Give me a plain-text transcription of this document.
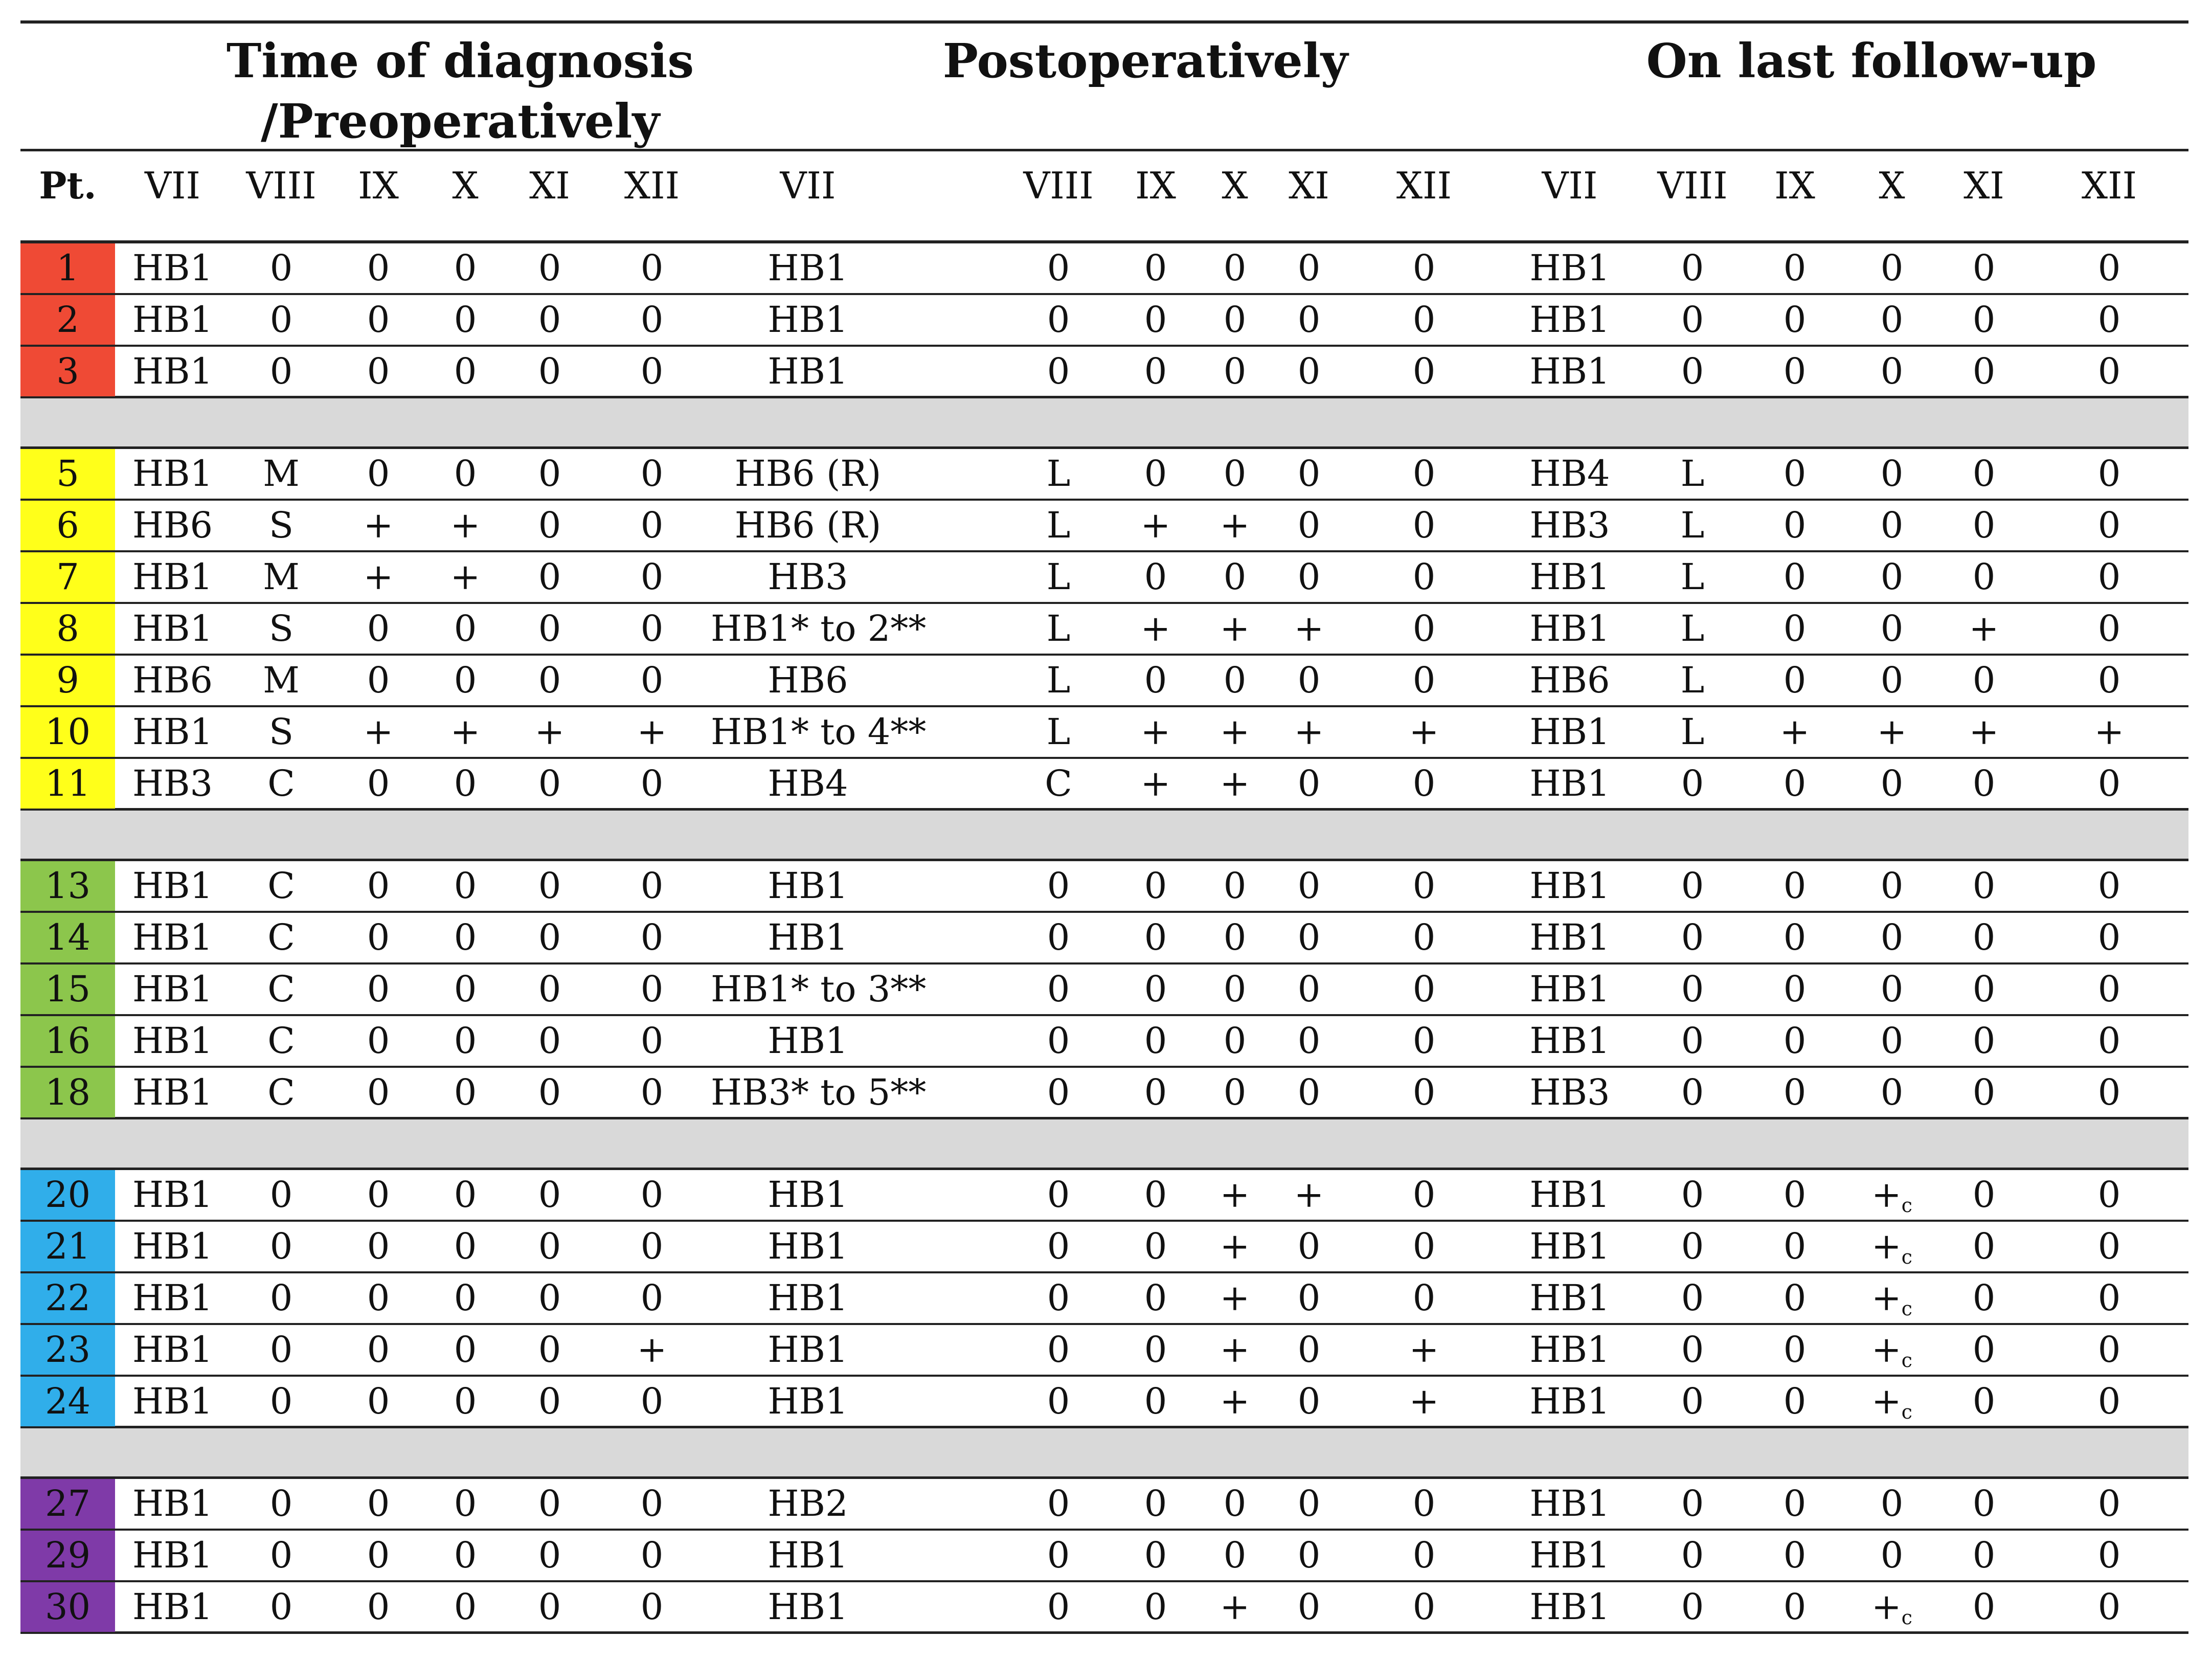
Time of diagnosis
/Preoperatively
Postoperatively	On last follow-up
Pt.	VII	VIII	IX	X	XI	XII	VII	VIII	IX	X	XI	XII	VII	VIII	IX	X	XI	XII
1	HB1	0	0	0	0	0	HB1	0	0	0	0	0	HB1	0	0	0	0	0
2	HB1	0	0	0	0	0	HB1	0	0	0	0	0	HB1	0	0	0	0	0
3	HB1	0	0	0	0	0	HB1	0	0	0	0	0	HB1	0	0	0	0	0
5	HB1	M	0	0	0	0	HB6 (R)	L	0	0	0	0	HB4	L	0	0	0	0
6	HB6	S	+	+	0	0	HB6 (R)	L	+	+	0	0	HB3	L	0	0	0	0
7	HB1	M	+	+	0	0	HB3	L	0	0	0	0	HB1	L	0	0	0	0
8	HB1	S	0	0	0	0	HB1* to 2**	L	+	+	+	0	HB1	L	0	0	+	0
9	HB6	M	0	0	0	0	HB6	L	0	0	0	0	HB6	L	0	0	0	0
10	HB1	S	+	+	+	+	HB1* to 4**	L	+	+	+	+	HB1	L	+	+	+	+
11	HB3	C	0	0	0	0	HB4	C	+	+	0	0	HB1	0	0	0	0	0
13	HB1	C	0	0	0	0	HB1	0	0	0	0	0	HB1	0	0	0	0	0
14	HB1	C	0	0	0	0	HB1	0	0	0	0	0	HB1	0	0	0	0	0
15	HB1	C	0	0	0	0	HB1* to 3**	0	0	0	0	0	HB1	0	0	0	0	0
16	HB1	C	0	0	0	0	HB1	0	0	0	0	0	HB1	0	0	0	0	0
18	HB1	C	0	0	0	0	HB3* to 5**	0	0	0	0	0	HB3	0	0	0	0	0
20	HB1	0	0	0	0	0	HB1	0	0	+	+	0	HB1	0	0	$+_c$	0	0
21	HB1	0	0	0	0	0	HB1	0	0	+	0	0	HB1	0	0	$+_c$	0	0
22	HB1	0	0	0	0	0	HB1	0	0	+	0	0	HB1	0	0	$+_c$	0	0
23	HB1	0	0	0	0	+	HB1	0	0	+	0	+	HB1	0	0	$+_c$	0	0
24	HB1	0	0	0	0	0	HB1	0	0	+	0	+	HB1	0	0	$+_c$	0	0
27	HB1	0	0	0	0	0	HB2	0	0	0	0	0	HB1	0	0	0	0	0
29	HB1	0	0	0	0	0	HB1	0	0	0	0	0	HB1	0	0	0	0	0
30	HB1	0	0	0	0	0	HB1	0	0	+	0	0	HB1	0	0	$+_c$	0	0
